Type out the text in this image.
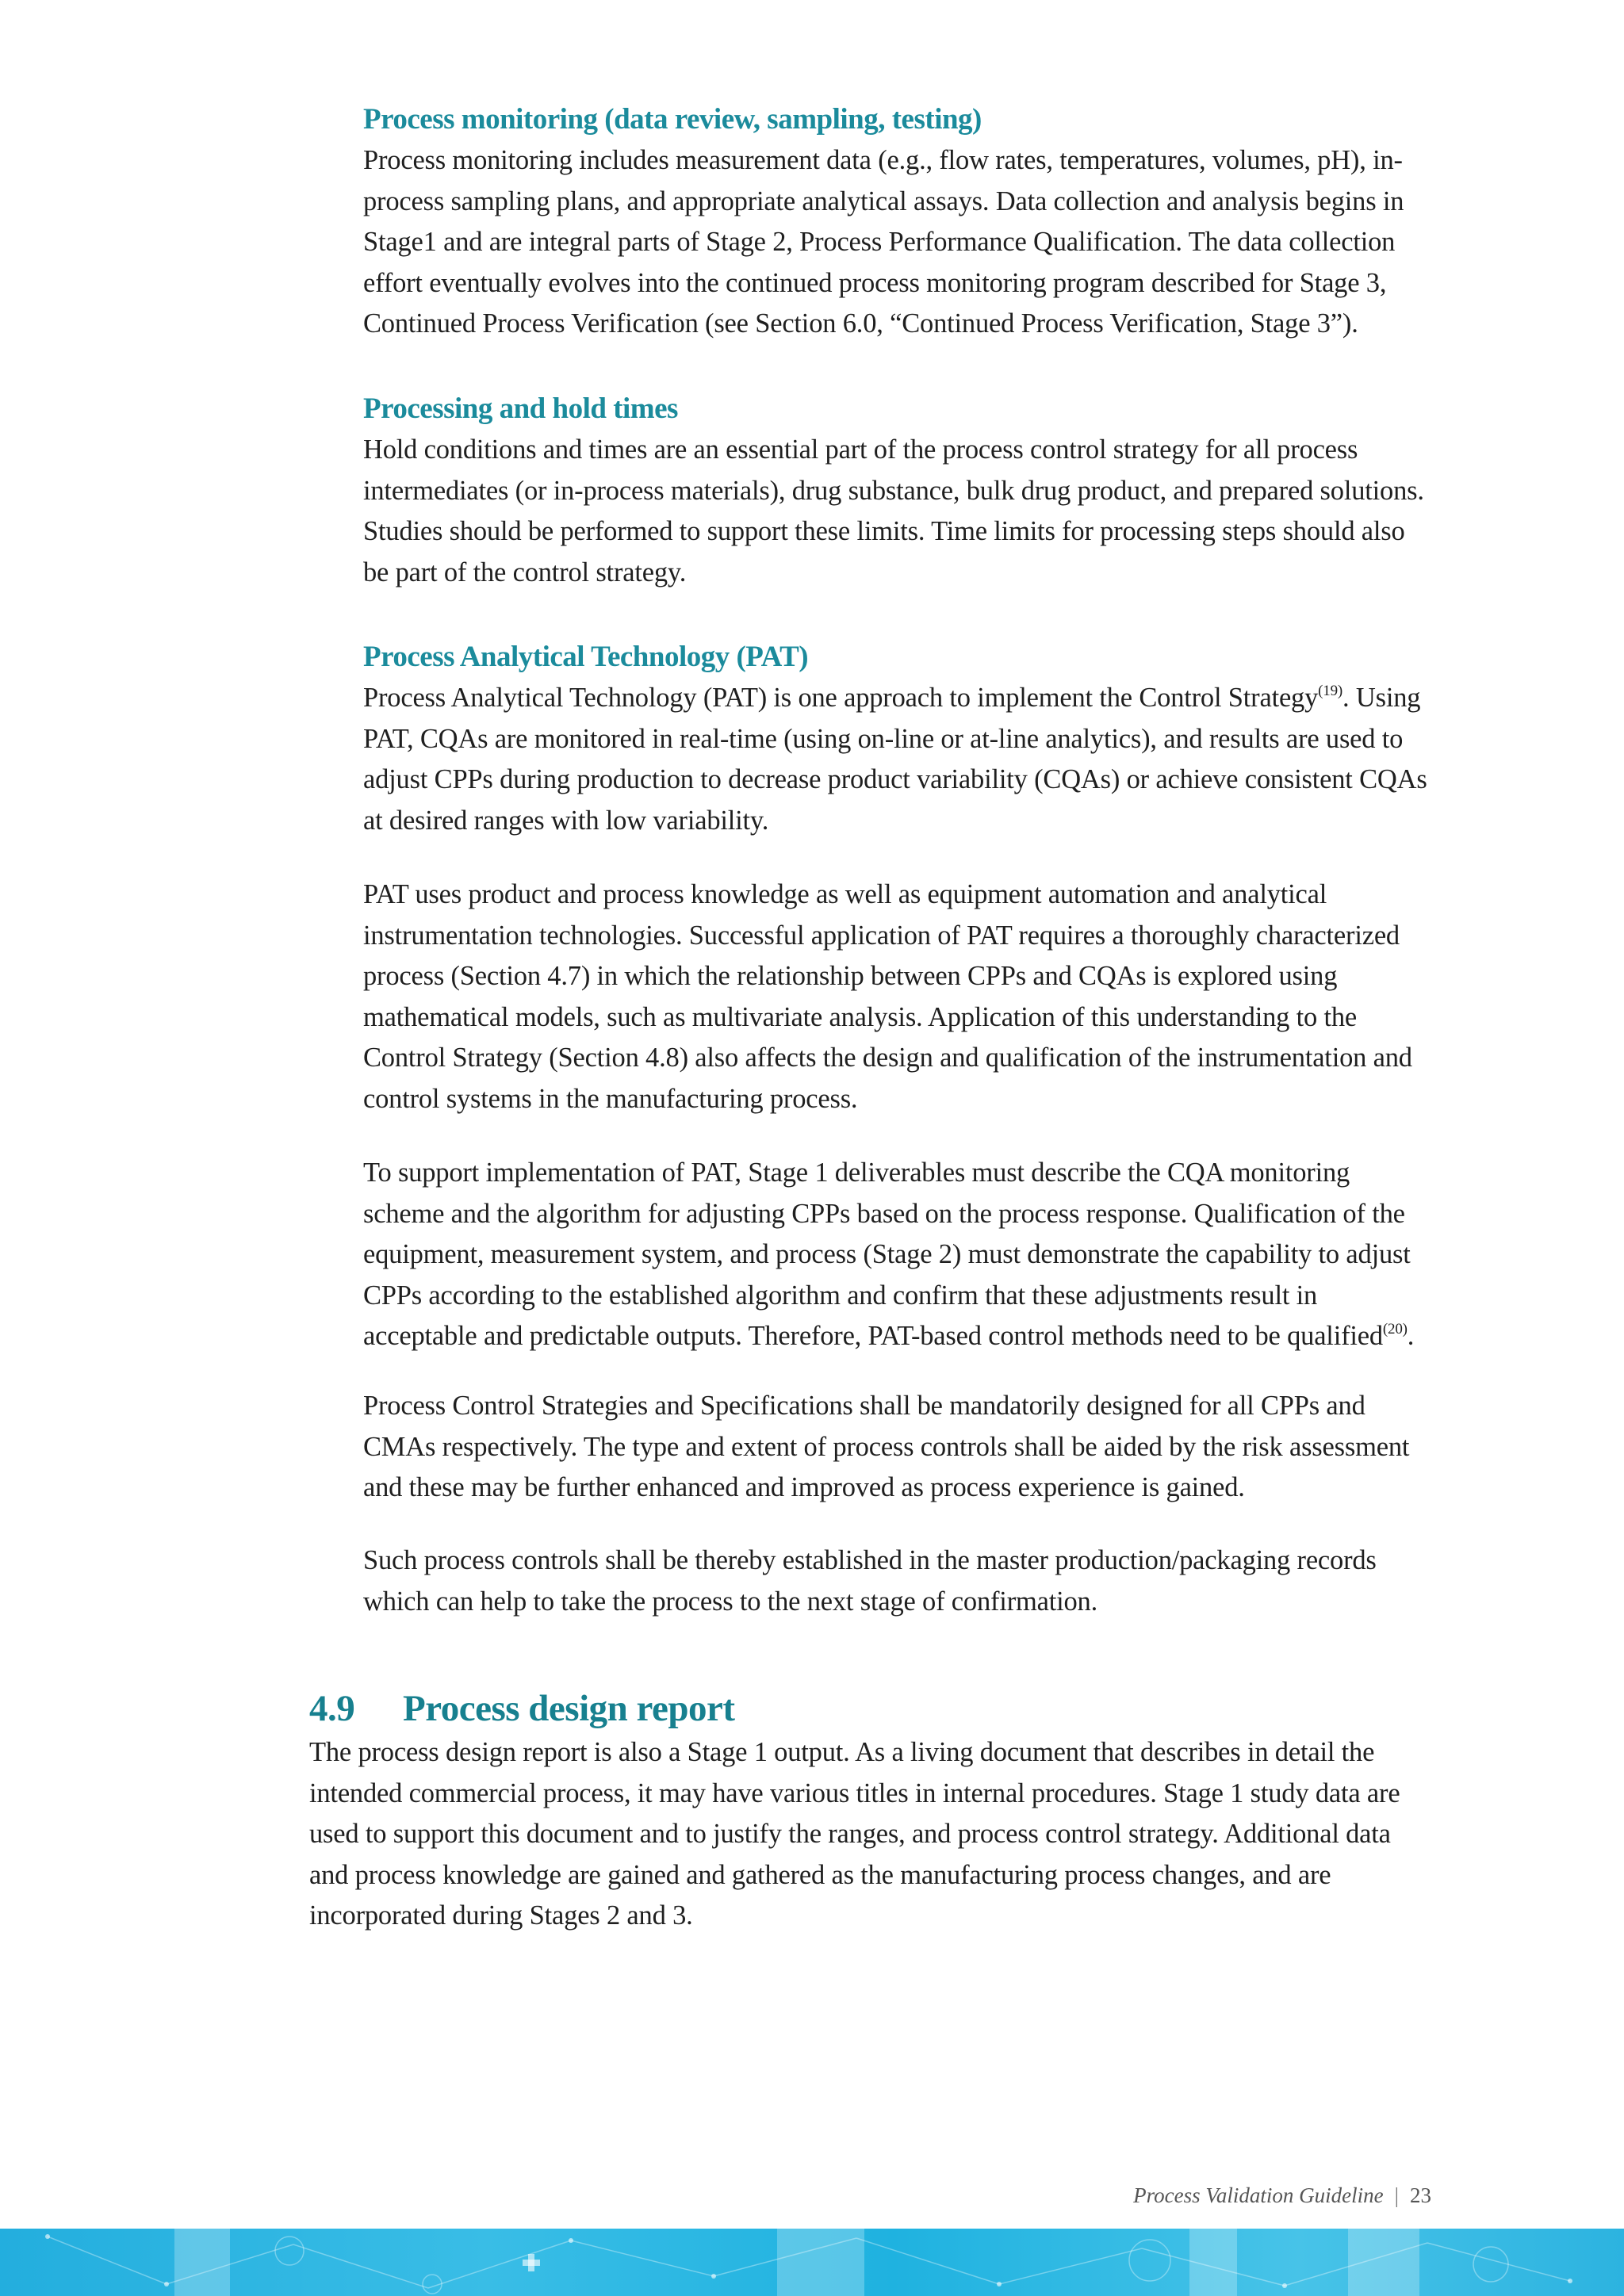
Process monitoring (data review, sampling, testing)

Process monitoring includes measurement data (e.g., flow rates, temperatures, volumes, pH), in-process sampling plans, and appropriate analytical assays. Data collection and analysis begins in Stage1 and are integral parts of Stage 2, Process Performance Qualification. The data collection effort eventually evolves into the continued process monitoring program described for Stage 3, Continued Process Verification (see Section 6.0, “Continued Process Verification, Stage 3”).

Processing and hold times

Hold conditions and times are an essential part of the process control strategy for all process intermediates (or in-process materials), drug substance, bulk drug product, and prepared solutions. Studies should be performed to support these limits. Time limits for processing steps should also be part of the control strategy.

Process Analytical Technology (PAT)

Process Analytical Technology (PAT) is one approach to implement the Control Strategy$^{(19)}$. Using PAT, CQAs are monitored in real-time (using on-line or at-line analytics), and results are used to adjust CPPs during production to decrease product variability (CQAs) or achieve consistent CQAs at desired ranges with low variability.

PAT uses product and process knowledge as well as equipment automation and analytical instrumentation technologies. Successful application of PAT requires a thoroughly characterized process (Section 4.7) in which the relationship between CPPs and CQAs is explored using mathematical models, such as multivariate analysis. Application of this understanding to the Control Strategy (Section 4.8) also affects the design and qualification of the instrumentation and control systems in the manufacturing process.

To support implementation of PAT, Stage 1 deliverables must describe the CQA monitoring scheme and the algorithm for adjusting CPPs based on the process response. Qualification of the equipment, measurement system, and process (Stage 2) must demonstrate the capability to adjust CPPs according to the established algorithm and confirm that these adjustments result in acceptable and predictable outputs. Therefore, PAT-based control methods need to be qualified$^{(20)}$.

Process Control Strategies and Specifications shall be mandatorily designed for all CPPs and CMAs respectively. The type and extent of process controls shall be aided by the risk assessment and these may be further enhanced and improved as process experience is gained.

Such process controls shall be thereby established in the master production/packaging records which can help to take the process to the next stage of confirmation.

4.9 Process design report

The process design report is also a Stage 1 output. As a living document that describes in detail the intended commercial process, it may have various titles in internal procedures. Stage 1 study data are used to support this document and to justify the ranges, and process control strategy. Additional data and process knowledge are gained and gathered as the manufacturing process changes, and are incorporated during Stages 2 and 3.

Process Validation Guideline | 23
